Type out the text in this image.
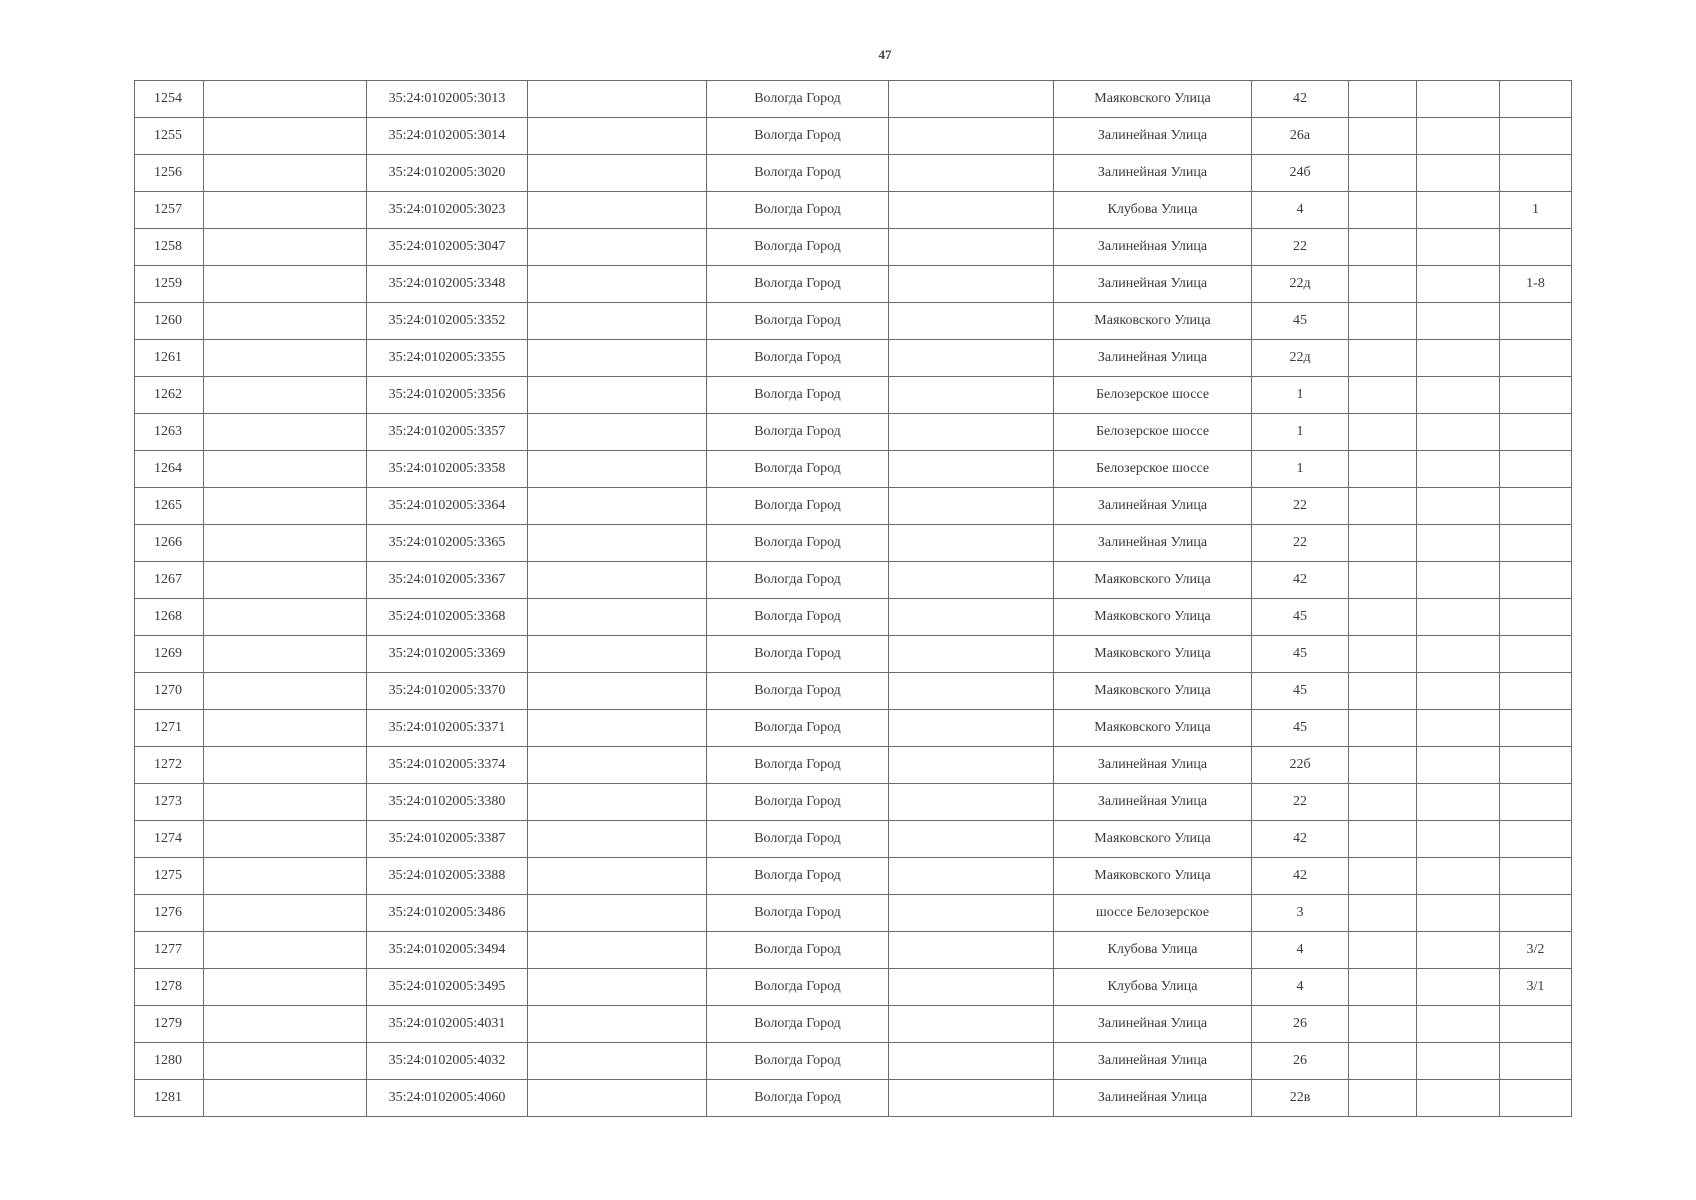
47
1254		35:24:0102005:3013		Вологда Город		Маяковского Улица	42			
1255		35:24:0102005:3014		Вологда Город		Залинейная Улица	26а			
1256		35:24:0102005:3020		Вологда Город		Залинейная Улица	24б			
1257		35:24:0102005:3023		Вологда Город		Клубова Улица	4			1
1258		35:24:0102005:3047		Вологда Город		Залинейная Улица	22			
1259		35:24:0102005:3348		Вологда Город		Залинейная Улица	22д			1-8
1260		35:24:0102005:3352		Вологда Город		Маяковского Улица	45			
1261		35:24:0102005:3355		Вологда Город		Залинейная Улица	22д			
1262		35:24:0102005:3356		Вологда Город		Белозерское шоссе	1			
1263		35:24:0102005:3357		Вологда Город		Белозерское шоссе	1			
1264		35:24:0102005:3358		Вологда Город		Белозерское шоссе	1			
1265		35:24:0102005:3364		Вологда Город		Залинейная Улица	22			
1266		35:24:0102005:3365		Вологда Город		Залинейная Улица	22			
1267		35:24:0102005:3367		Вологда Город		Маяковского Улица	42			
1268		35:24:0102005:3368		Вологда Город		Маяковского Улица	45			
1269		35:24:0102005:3369		Вологда Город		Маяковского Улица	45			
1270		35:24:0102005:3370		Вологда Город		Маяковского Улица	45			
1271		35:24:0102005:3371		Вологда Город		Маяковского Улица	45			
1272		35:24:0102005:3374		Вологда Город		Залинейная Улица	22б			
1273		35:24:0102005:3380		Вологда Город		Залинейная Улица	22			
1274		35:24:0102005:3387		Вологда Город		Маяковского Улица	42			
1275		35:24:0102005:3388		Вологда Город		Маяковского Улица	42			
1276		35:24:0102005:3486		Вологда Город		шоссе Белозерское	3			
1277		35:24:0102005:3494		Вологда Город		Клубова Улица	4			3/2
1278		35:24:0102005:3495		Вологда Город		Клубова Улица	4			3/1
1279		35:24:0102005:4031		Вологда Город		Залинейная Улица	26			
1280		35:24:0102005:4032		Вологда Город		Залинейная Улица	26			
1281		35:24:0102005:4060		Вологда Город		Залинейная Улица	22в			
